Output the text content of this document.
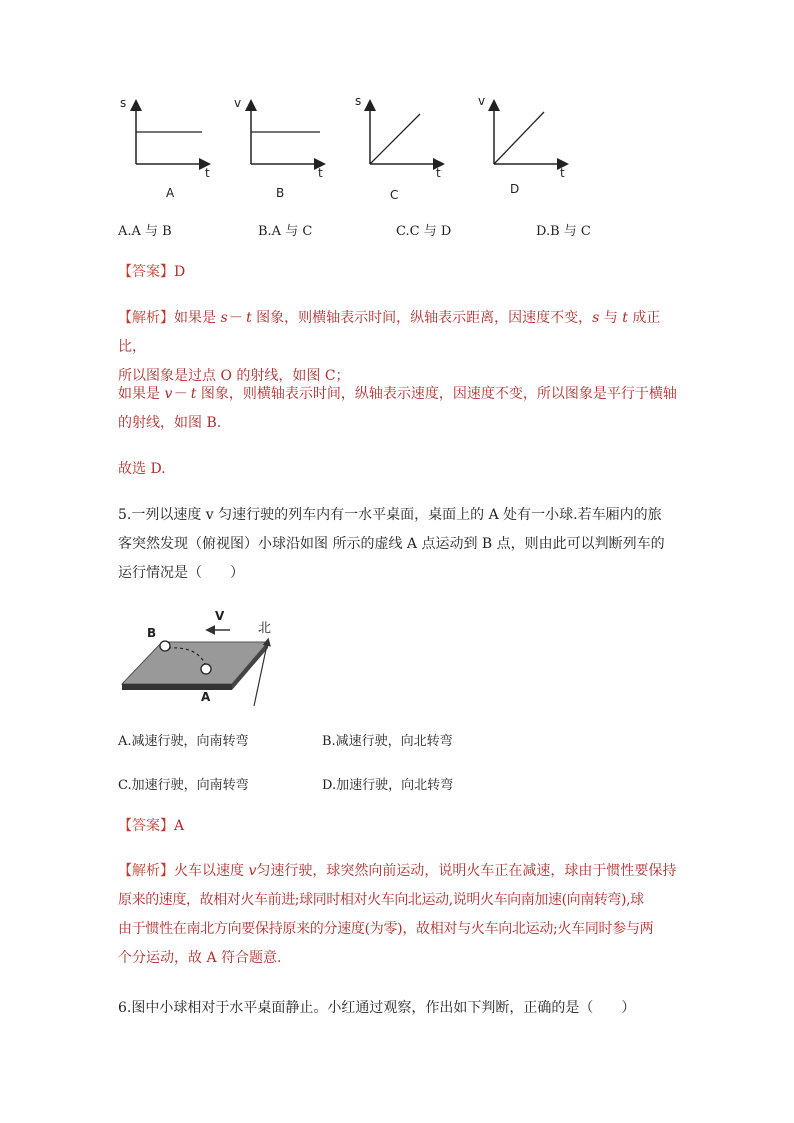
s
t
A
v
t
B
s
t
C
v
t
D
A.A 与 B	B.A 与 C	C.C 与 D	D.B 与 C

【答案】D

【解析】如果是 s－ t 图象，则横轴表示时间，纵轴表示距离，因速度不变，s 与 t 成正比，

所以图象是过点 O 的射线，如图 C；

如果是 v－ t 图象，则横轴表示时间，纵轴表示速度，因速度不变，所以图象是平行于横轴

的射线，如图 B.

故选 D.

5.一列以速度 v 匀速行驶的列车内有一水平桌面，桌面上的 A 处有一小球.若车厢内的旅

客突然发现（俯视图）小球沿如图 所示的虚线 A 点运动到 B 点，则由此可以判断列车的

运行情况是（　　）

V
北
B
A
A.减速行驶，向南转弯	B.减速行驶，向北转弯
C.加速行驶，向南转弯	D.加速行驶，向北转弯

【答案】A

【解析】火车以速度 v匀速行驶，球突然向前运动，说明火车正在减速，球由于惯性要保持

原来的速度，故相对火车前进;球同时相对火车向北运动,说明火车向南加速(向南转弯),球

由于惯性在南北方向要保持原来的分速度(为零)，故相对与火车向北运动;火车同时参与两

个分运动，故 A 符合题意.

6.图中小球相对于水平桌面静止。小红通过观察，作出如下判断，正确的是（　　）
